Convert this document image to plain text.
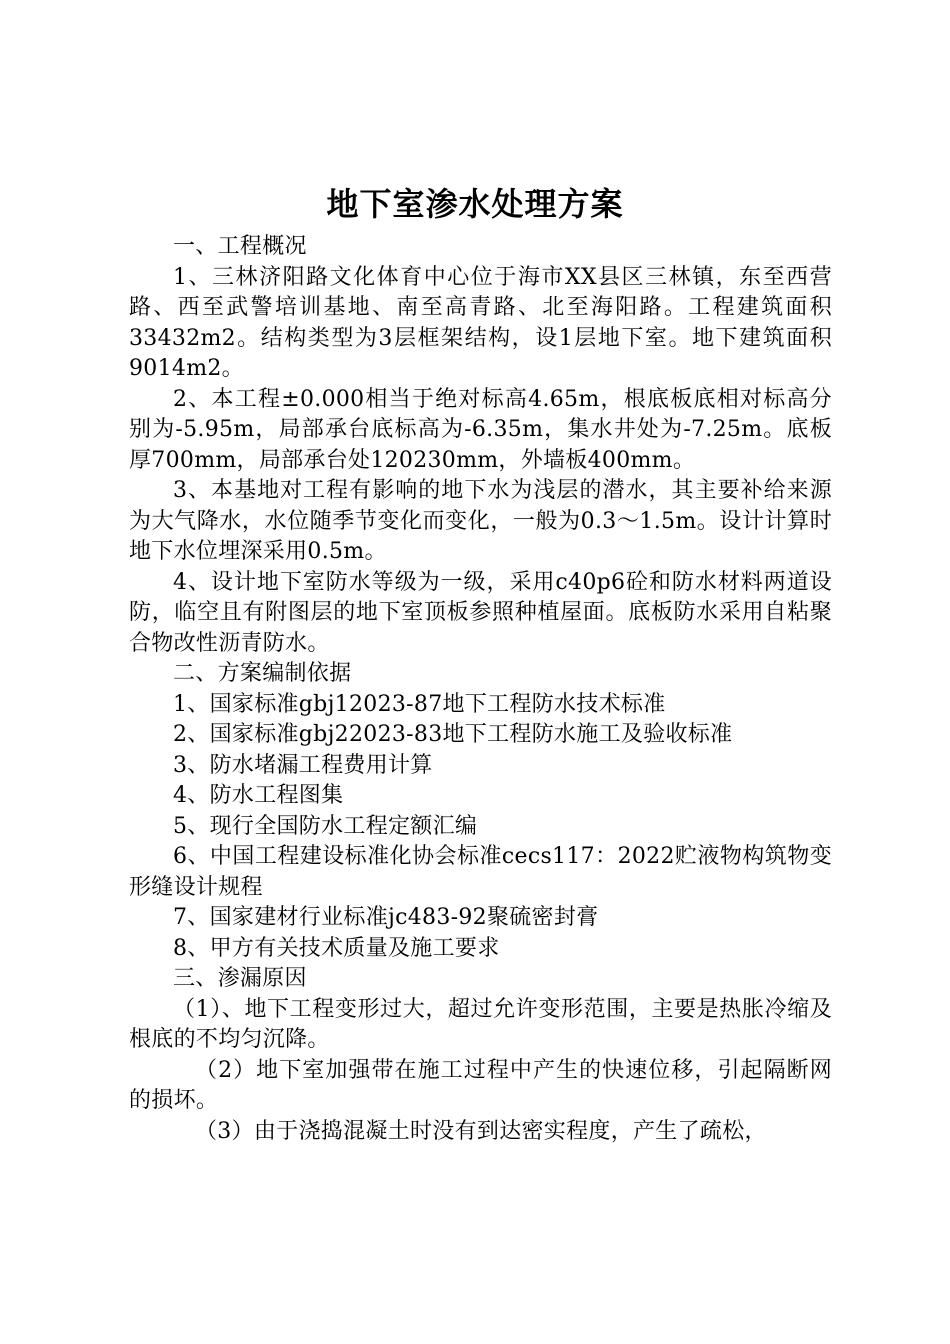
地下室渗水处理方案

一、工程概况

1、三林济阳路文化体育中心位于海市XX县区三林镇，东至西营路、西至武警培训基地、南至高青路、北至海阳路。工程建筑面积33432m2。结构类型为3层框架结构，设1层地下室。地下建筑面积9014m2。

2、本工程±0.000相当于绝对标高4.65m，根底板底相对标高分别为-5.95m，局部承台底标高为-6.35m，集水井处为-7.25m。底板厚700mm，局部承台处120230mm，外墙板400mm。

3、本基地对工程有影响的地下水为浅层的潜水，其主要补给来源为大气降水，水位随季节变化而变化，一般为0.3～1.5m。设计计算时地下水位埋深采用0.5m。

4、设计地下室防水等级为一级，采用c40p6砼和防水材料两道设防，临空且有附图层的地下室顶板参照种植屋面。底板防水采用自粘聚合物改性沥青防水。

二、方案编制依据

1、国家标准gbj12023-87地下工程防水技术标准

2、国家标准gbj22023-83地下工程防水施工及验收标准

3、防水堵漏工程费用计算

4、防水工程图集

5、现行全国防水工程定额汇编

6、中国工程建设标准化协会标准cecs117：2022贮液物构筑物变形缝设计规程

7、国家建材行业标准jc483-92聚硫密封膏

8、甲方有关技术质量及施工要求

三、渗漏原因

（1）、地下工程变形过大，超过允许变形范围，主要是热胀冷缩及根底的不均匀沉降。

（2）地下室加强带在施工过程中产生的快速位移，引起隔断网的损坏。

（3）由于浇捣混凝土时没有到达密实程度，产生了疏松，
